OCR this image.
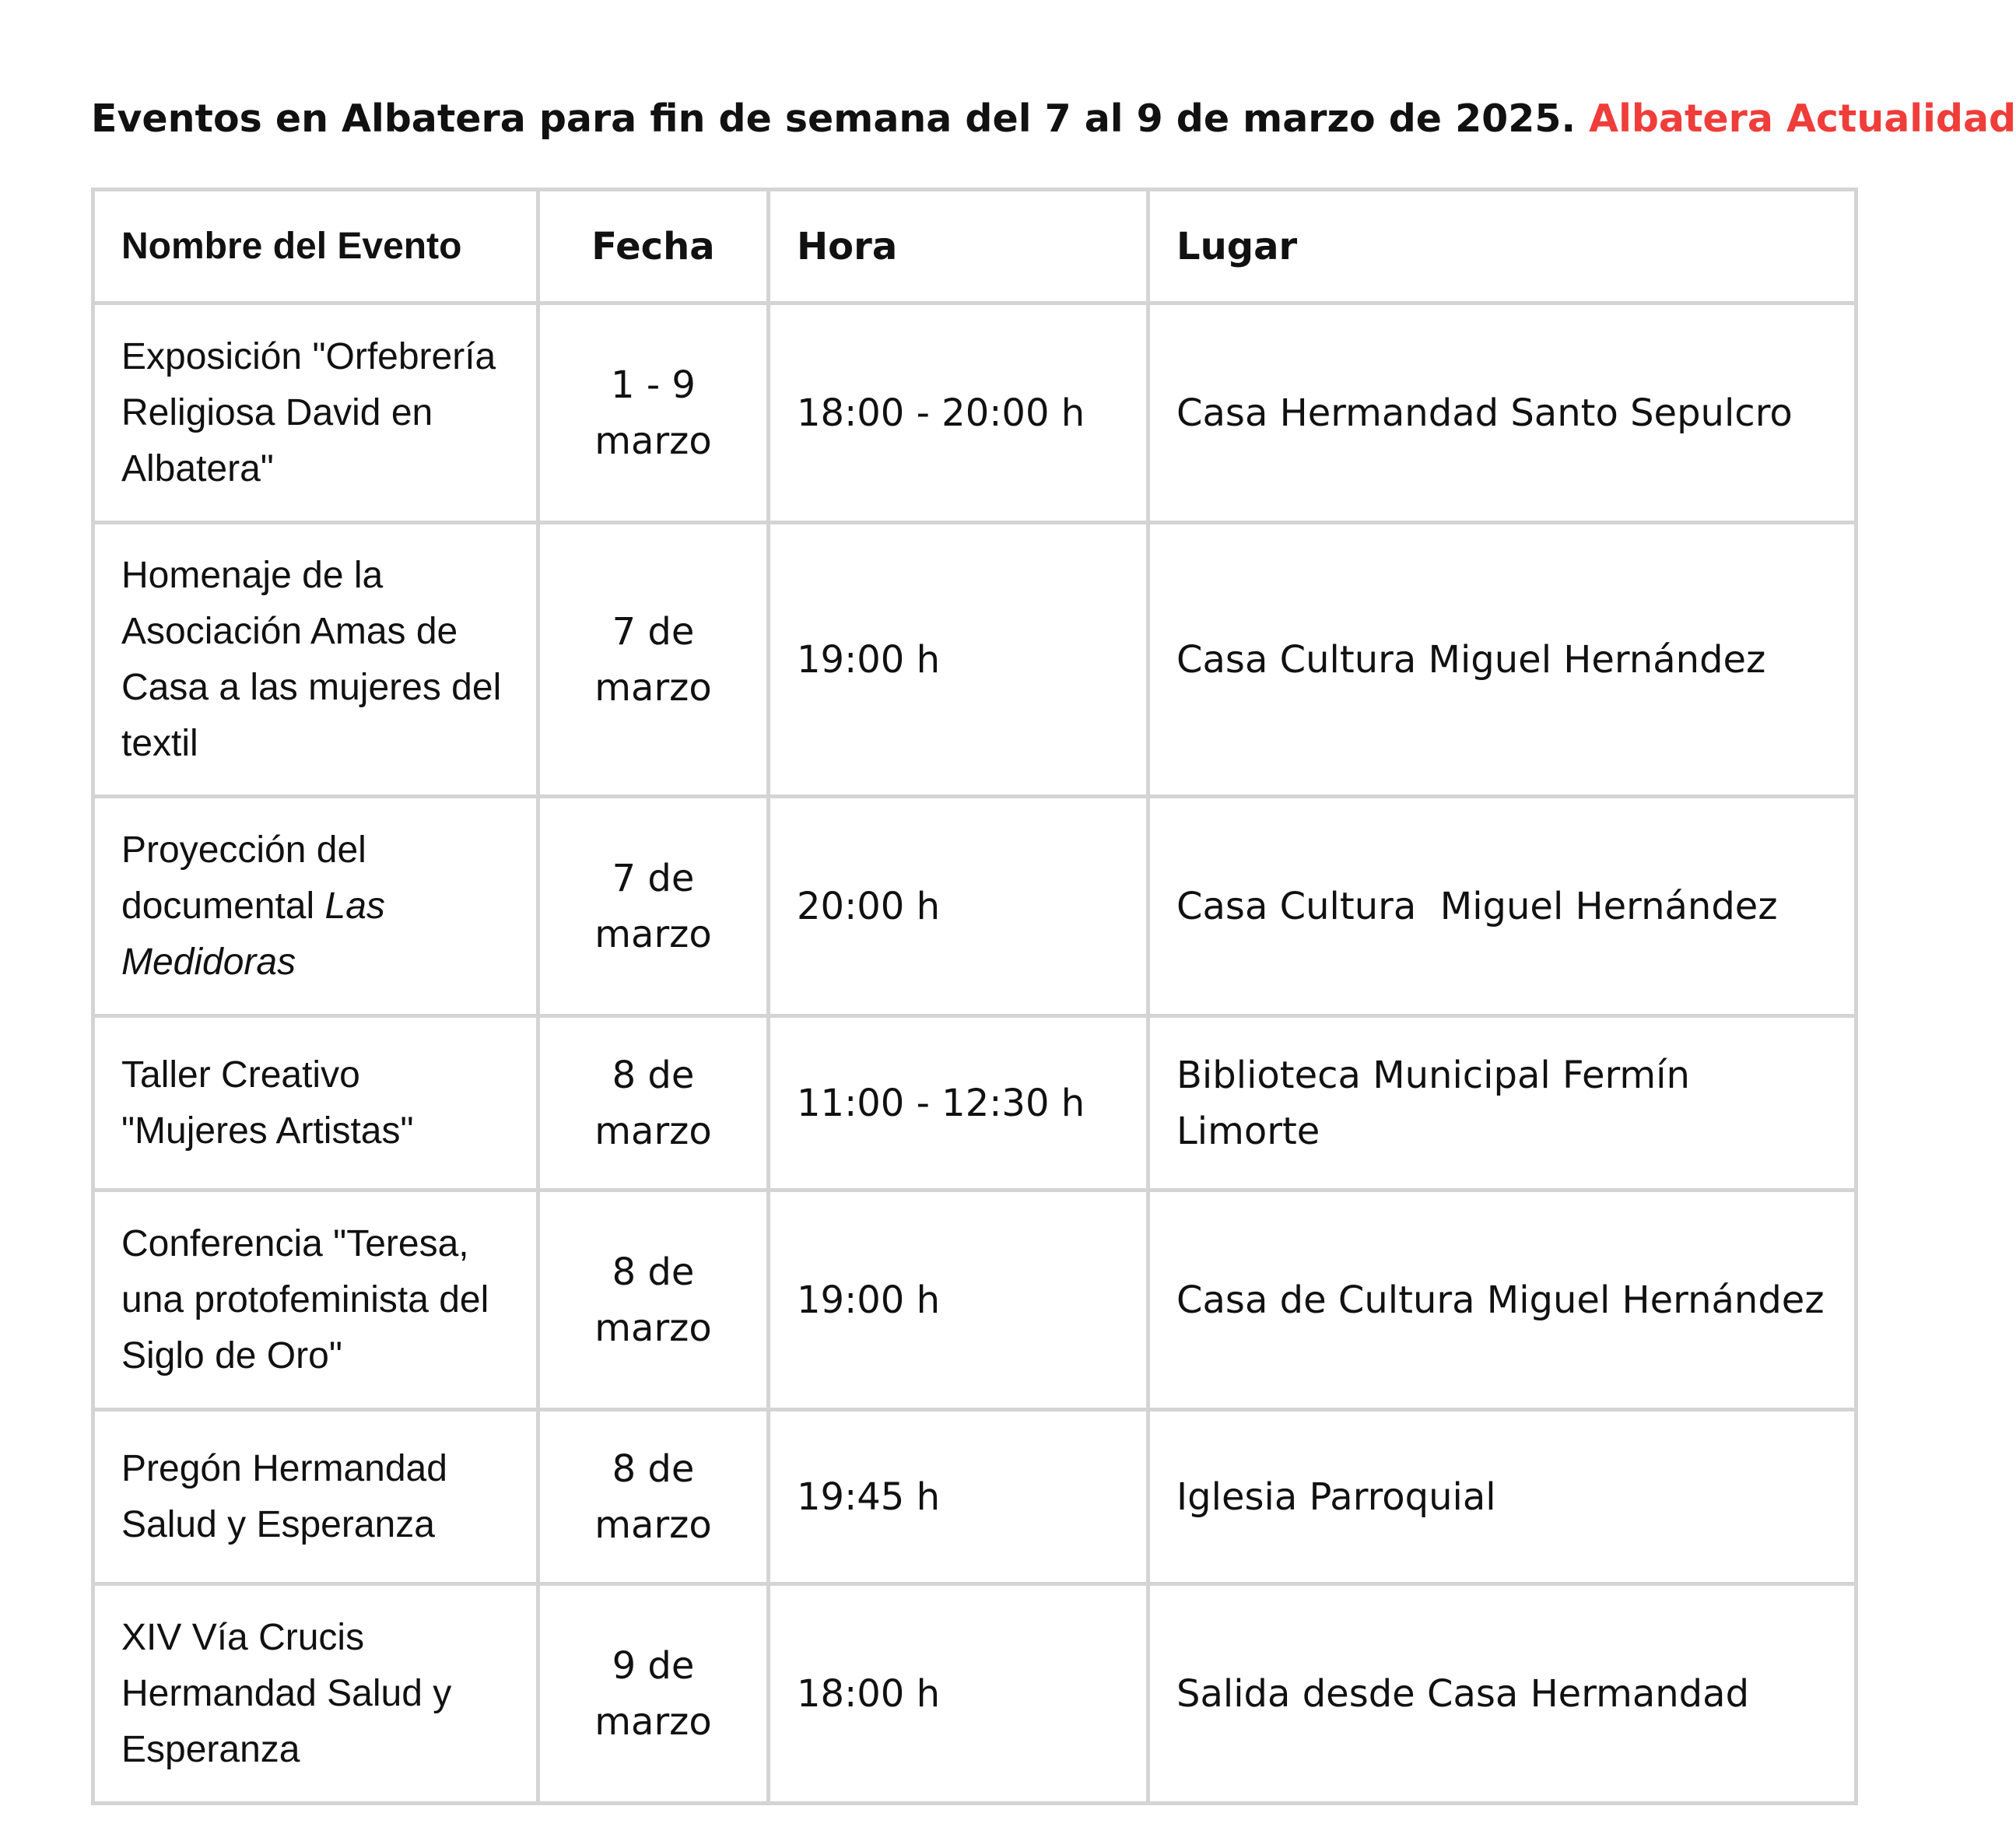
Eventos en Albatera para fin de semana del 7 al 9 de marzo de 2025. Albatera Actualidad
Nombre del Evento	Fecha	Hora	Lugar
Exposición "Orfebrería Religiosa David en Albatera"	1 - 9 marzo	18:00 - 20:00 h	Casa Hermandad Santo Sepulcro
Homenaje de la Asociación Amas de Casa a las mujeres del textil	7 de marzo	19:00 h	Casa Cultura Miguel Hernández
Proyección del documental Las Medidoras	7 de marzo	20:00 h	Casa Cultura  Miguel Hernández
Taller Creativo "Mujeres Artistas"	8 de marzo	11:00 - 12:30 h	Biblioteca Municipal Fermín Limorte
Conferencia "Teresa, una protofeminista del Siglo de Oro"	8 de marzo	19:00 h	Casa de Cultura Miguel Hernández
Pregón Hermandad Salud y Esperanza	8 de marzo	19:45 h	Iglesia Parroquial
XIV Vía Crucis Hermandad Salud y Esperanza	9 de marzo	18:00 h	Salida desde Casa Hermandad
